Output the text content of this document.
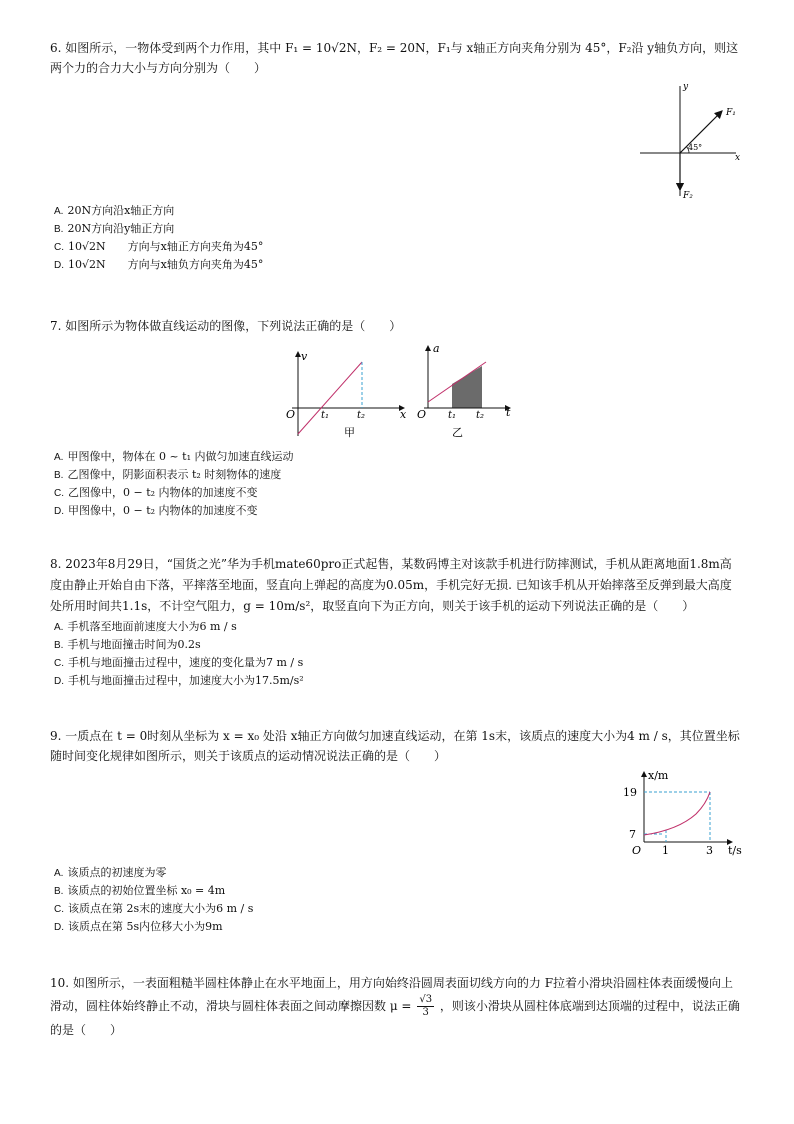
6. 如图所示，一物体受到两个力作用，其中 F₁ = 10√2N，F₂ = 20N，F₁与 x轴正方向夹角分别为 45°，F₂沿 y轴负方向，则这两个力的合力大小与方向分别为（　　）
y
x
F₁
F₂
45°
A. 20N方向沿x轴正方向
B. 20N方向沿y轴正方向
C. 10√2N　　方向与x轴正方向夹角为45°
D. 10√2N　　方向与x轴负方向夹角为45°
7. 如图所示为物体做直线运动的图像，下列说法正确的是（　　）
v
O	t₁	t₂	x
甲
a
O t₁ t₂ t
乙
A. 甲图像中，物体在 0 ~ t₁ 内做匀加速直线运动
B. 乙图像中，阴影面积表示 t₂ 时刻物体的速度
C. 乙图像中，0 − t₂ 内物体的加速度不变
D. 甲图像中，0 − t₂ 内物体的加速度不变
8. 2023年8月29日，“国货之光”华为手机mate60pro正式起售，某数码博主对该款手机进行防摔测试，手机从距离地面1.8m高度由静止开始自由下落，平摔落至地面，竖直向上弹起的高度为0.05m，手机完好无损. 已知该手机从开始摔落至反弹到最大高度处所用时间共1.1s，不计空气阻力，g = 10m/s²，取竖直向下为正方向，则关于该手机的运动下列说法正确的是（　　）
A. 手机落至地面前速度大小为6 m / s
B. 手机与地面撞击时间为0.2s
C. 手机与地面撞击过程中，速度的变化量为7 m / s
D. 手机与地面撞击过程中，加速度大小为17.5m/s²
9. 一质点在 t = 0时刻从坐标为 x = x₀ 处沿 x轴正方向做匀加速直线运动，在第 1s末，该质点的速度大小为4 m / s，其位置坐标随时间变化规律如图所示，则关于该质点的运动情况说法正确的是（　　）
x/m
19
7
O 1	3 t/s
A. 该质点的初速度为零
B. 该质点的初始位置坐标 x₀ = 4m
C. 该质点在第 2s末的速度大小为6 m / s
D. 该质点在第 5s内位移大小为9m
10. 如图所示，一表面粗糙半圆柱体静止在水平地面上，用方向始终沿圆周表面切线方向的力 F拉着小滑块沿圆柱体表面缓慢向上滑动，圆柱体始终静止不动，滑块与圆柱体表面之间动摩擦因数 $\mu = \frac{√3}{3}$ ，则该小滑块从圆柱体底端到达顶端的过程中，说法正确的是（　　）
